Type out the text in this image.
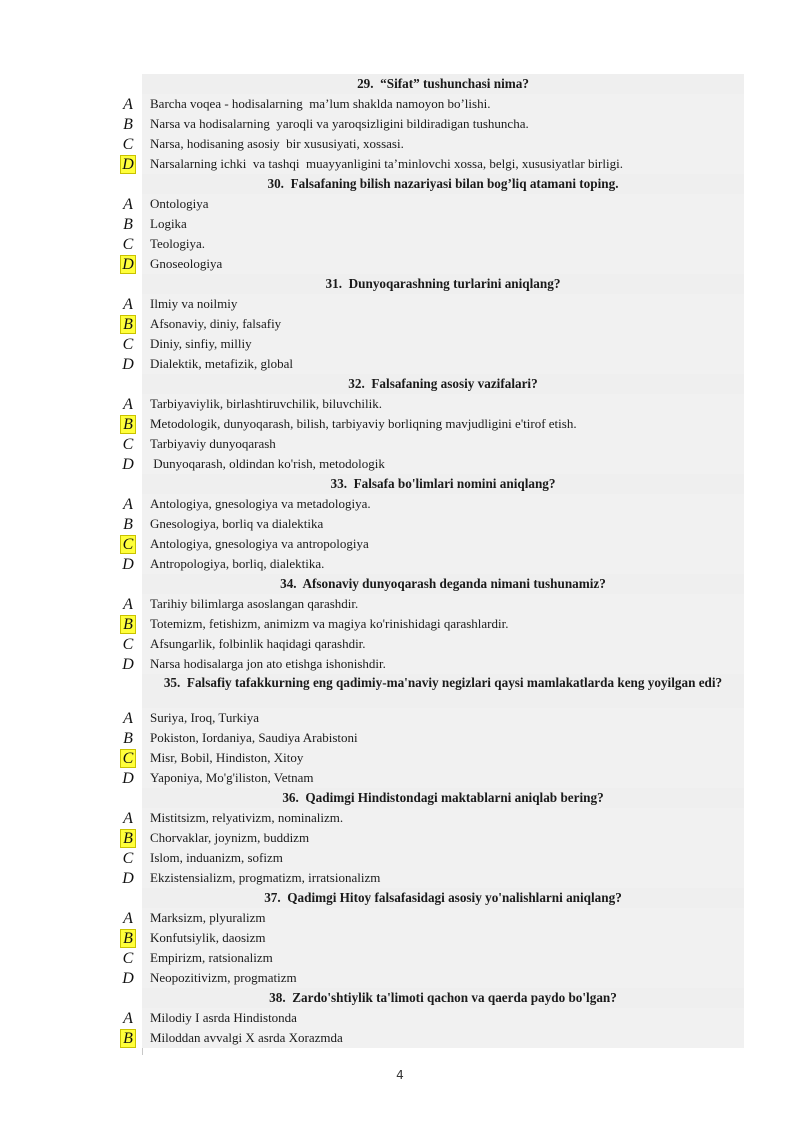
29. “Sifat” tushunchasi nima?
A	Barcha voqea - hodisalarning  ma’lum shaklda namoyon bo’lishi.
B	Narsa va hodisalarning  yaroqli va yaroqsizligini bildiradigan tushuncha.
C	Narsa, hodisaning asosiy  bir xususiyati, xossasi.
D	Narsalarning ichki  va tashqi  muayyanligini ta’minlovchi xossa, belgi, xususiyatlar birligi.
30. Falsafaning bilish nazariyasi bilan bog’liq atamani toping.
A	Ontologiya
B	Logika
C	Teologiya.
D	Gnoseologiya
31. Dunyoqarashning turlarini aniqlang?
A	Ilmiy va noilmiy
B	Afsonaviy, diniy, falsafiy
C	Diniy, sinfiy, milliy
D	Dialektik, metafizik, global
32. Falsafaning asosiy vazifalari?
A	Tarbiyaviylik, birlashtiruvchilik, biluvchilik.
B	Metodologik, dunyoqarash, bilish, tarbiyaviy borliqning mavjudligini e'tirof etish.
C	Tarbiyaviy dunyoqarash
D	Dunyoqarash, oldindan ko'rish, metodologik
33. Falsafa bo'limlari nomini aniqlang?
A	Antologiya, gnesologiya va metadologiya.
B	Gnesologiya, borliq va dialektika
C	Antologiya, gnesologiya va antropologiya
D	Antropologiya, borliq, dialektika.
34. Afsonaviy dunyoqarash deganda nimani tushunamiz?
A	Tarihiy bilimlarga asoslangan qarashdir.
B	Totemizm, fetishizm, animizm va magiya ko'rinishidagi qarashlardir.
C	Afsungarlik, folbinlik haqidagi qarashdir.
D	Narsa hodisalarga jon ato etishga ishonishdir.
35. Falsafiy tafakkurning eng qadimiy-ma'naviy negizlari qaysi mamlakatlarda keng yoyilgan edi?
A	Suriya, Iroq, Turkiya
B	Pokiston, Iordaniya, Saudiya Arabistoni
C	Misr, Bobil, Hindiston, Xitoy
D	Yaponiya, Mo'g'iliston, Vetnam
36. Qadimgi Hindistondagi maktablarni aniqlab bering?
A	Mistitsizm, relyativizm, nominalizm.
B	Chorvaklar, joynizm, buddizm
C	Islom, induanizm, sofizm
D	Ekzistensializm, progmatizm, irratsionalizm
37. Qadimgi Hitoy falsafasidagi asosiy yo'nalishlarni aniqlang?
A	Marksizm, plyuralizm
B	Konfutsiylik, daosizm
C	Empirizm, ratsionalizm
D	Neopozitivizm, progmatizm
38. Zardo'shtiylik ta'limoti qachon va qaerda paydo bo'lgan?
A	Milodiy I asrda Hindistonda
B	Miloddan avvalgi X asrda Xorazmda
4
